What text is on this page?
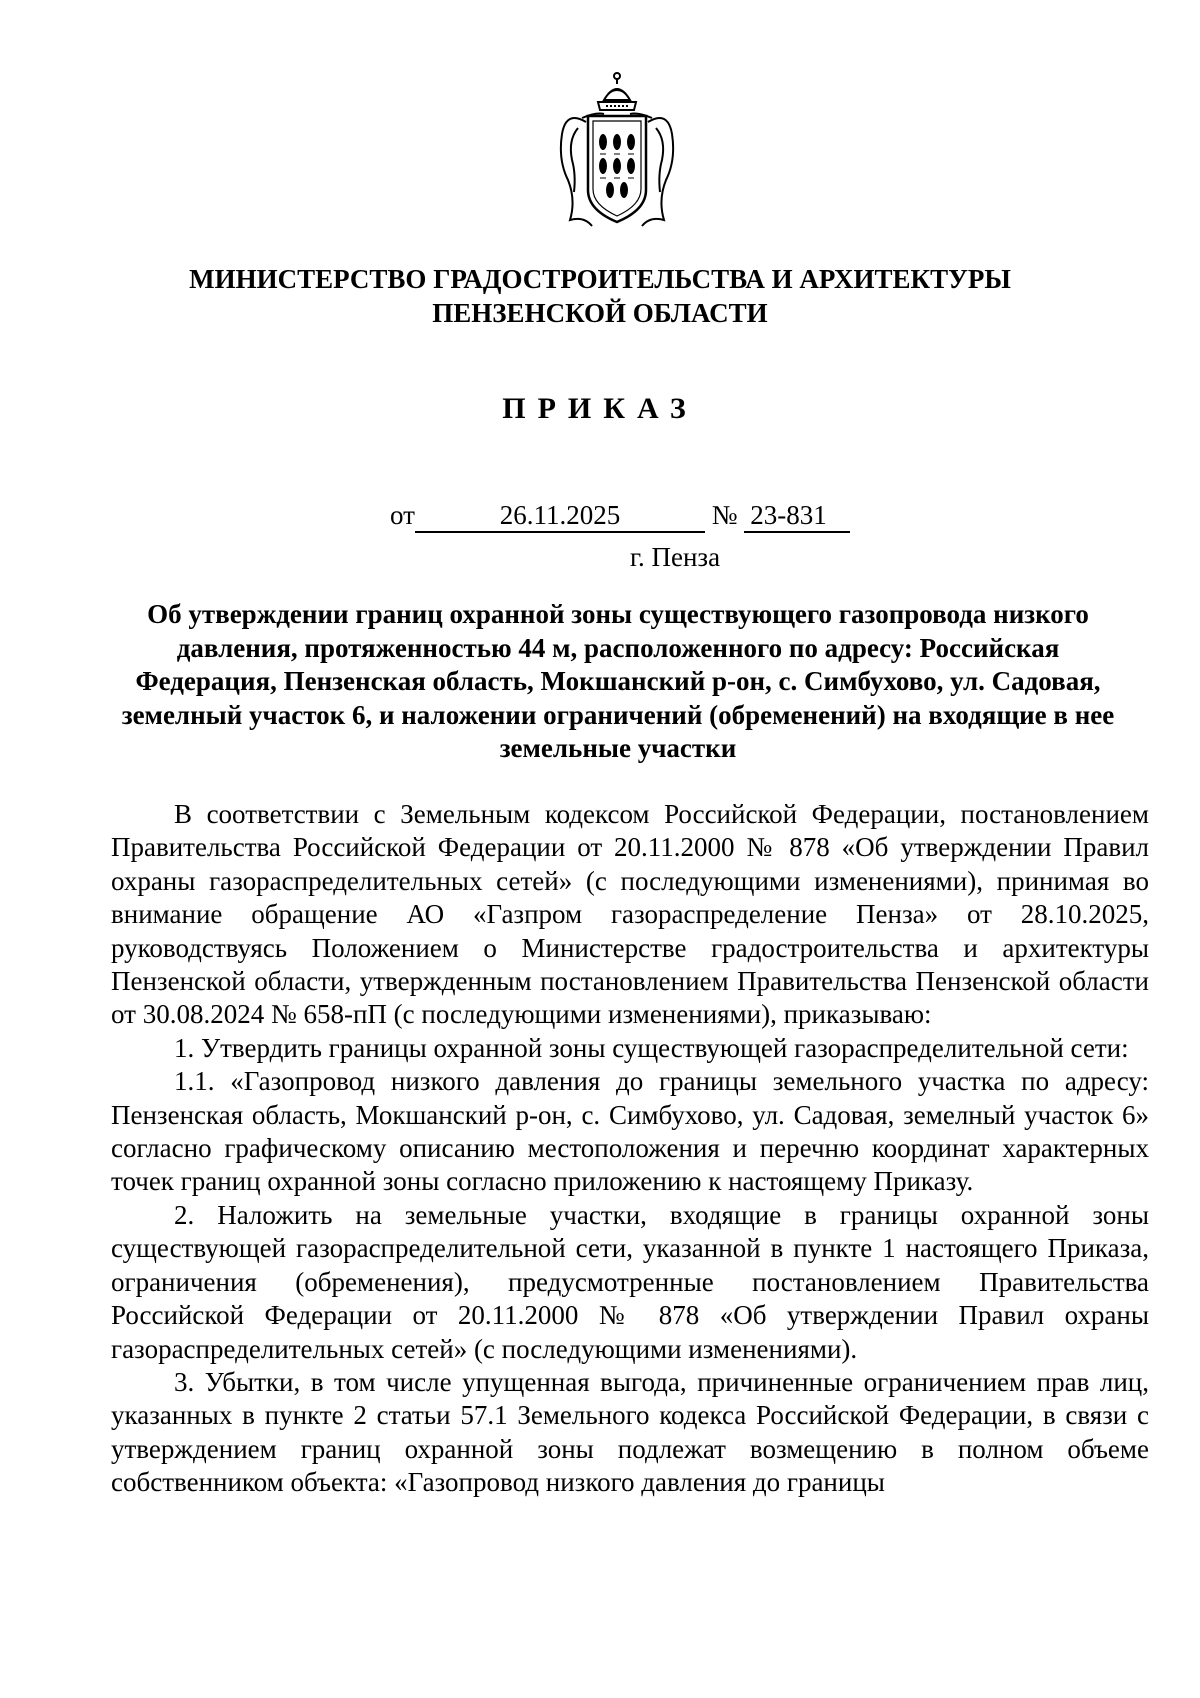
МИНИСТЕРСТВО ГРАДОСТРОИТЕЛЬСТВА И АРХИТЕКТУРЫ
ПЕНЗЕНСКОЙ ОБЛАСТИ
ПРИКАЗ
от	26.11.2025	№ 23-831
г. Пенза
Об утверждении границ охранной зоны существующего газопровода низкого давления, протяженностью 44 м, расположенного по адресу: Российская Федерация, Пензенская область, Мокшанский р-он, с. Симбухово, ул. Садовая, земелный участок 6, и наложении ограничений (обременений) на входящие в нее земельные участки

В соответствии с Земельным кодексом Российской Федерации, постановлением Правительства Российской Федерации от 20.11.2000 № 878 «Об утверждении Правил охраны газораспределительных сетей» (с последующими изменениями), принимая во внимание обращение АО «Газпром газораспределение Пенза» от 28.10.2025, руководствуясь Положением о Министерстве градостроительства и архитектуры Пензенской области, утвержденным постановлением Правительства Пензенской области от 30.08.2024 № 658-пП (с последующими изменениями), приказываю:

1. Утвердить границы охранной зоны существующей газораспределительной сети:

1.1. «Газопровод низкого давления до границы земельного участка по адресу: Пензенская область, Мокшанский р-он, с. Симбухово, ул. Садовая, земелный участок 6» согласно графическому описанию местоположения и перечню координат характерных точек границ охранной зоны согласно приложению к настоящему Приказу.

2. Наложить на земельные участки, входящие в границы охранной зоны существующей газораспределительной сети, указанной в пункте 1 настоящего Приказа, ограничения (обременения), предусмотренные постановлением Правительства Российской Федерации от 20.11.2000 № 878 «Об утверждении Правил охраны газораспределительных сетей» (с последующими изменениями).

3. Убытки, в том числе упущенная выгода, причиненные ограничением прав лиц, указанных в пункте 2 статьи 57.1 Земельного кодекса Российской Федерации, в связи с утверждением границ охранной зоны подлежат возмещению в полном объеме собственником объекта: «Газопровод низкого давления до границы
